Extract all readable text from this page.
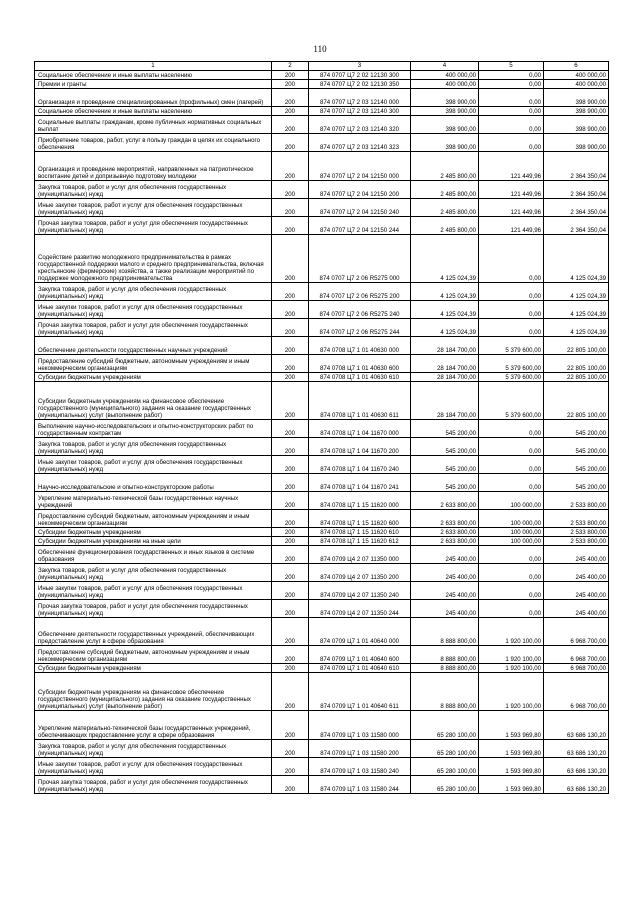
110
1	2	3	4	5	6
Социальное обеспечение и иные выплаты населению	200	874 0707 Ц7 2 02 12130 300	400 000,00	0,00	400 000,00
Премии и гранты	200	874 0707 Ц7 2 02 12130 350	400 000,00	0,00	400 000,00
Организация и проведение специализированных (профильных) смен (лагерей)	200	874 0707 Ц7 2 03 12140 000	398 900,00	0,00	398 900,00
Социальное обеспечение и иные выплаты населению	200	874 0707 Ц7 2 03 12140 300	398 900,00	0,00	398 900,00
Социальные выплаты гражданам, кроме публичных нормативных социальных выплат	200	874 0707 Ц7 2 03 12140 320	398 900,00	0,00	398 900,00
Приобретение товаров, работ, услуг в пользу граждан в целях их социального обеспечения	200	874 0707 Ц7 2 03 12140 323	398 900,00	0,00	398 900,00
Организация и проведение мероприятий, направленных на патриотическое воспитание детей и допризывную подготовку молодежи	200	874 0707 Ц7 2 04 12150 000	2 485 800,00	121 449,96	2 364 350,04
Закупка товаров, работ и услуг для обеспечения государственных (муниципальных) нужд	200	874 0707 Ц7 2 04 12150 200	2 485 800,00	121 449,96	2 364 350,04
Иные закупки товаров, работ и услуг для обеспечения государственных (муниципальных) нужд	200	874 0707 Ц7 2 04 12150 240	2 485 800,00	121 449,96	2 364 350,04
Прочая закупка товаров, работ и услуг для обеспечения государственных (муниципальных) нужд	200	874 0707 Ц7 2 04 12150 244	2 485 800,00	121 449,96	2 364 350,04
Содействие развитию молодежного предпринимательства в рамках государственной поддержки малого и среднего предпринимательства, включая крестьянские (фермерские) хозяйства, а также реализации мероприятий по поддержке молодежного предпринимательства	200	874 0707 Ц7 2 06 R5275 000	4 125 024,39	0,00	4 125 024,39
Закупка товаров, работ и услуг для обеспечения государственных (муниципальных) нужд	200	874 0707 Ц7 2 06 R5275 200	4 125 024,39	0,00	4 125 024,39
Иные закупки товаров, работ и услуг для обеспечения государственных (муниципальных) нужд	200	874 0707 Ц7 2 06 R5275 240	4 125 024,39	0,00	4 125 024,39
Прочая закупка товаров, работ и услуг для обеспечения государственных (муниципальных) нужд	200	874 0707 Ц7 2 06 R5275 244	4 125 024,39	0,00	4 125 024,39
Обеспечение деятельности государственных научных учреждений	200	874 0708 Ц7 1 01 40630 000	28 184 700,00	5 379 600,00	22 805 100,00
Предоставление субсидий бюджетным, автономным учреждениям и иным некоммерческим организациям	200	874 0708 Ц7 1 01 40630 600	28 184 700,00	5 379 600,00	22 805 100,00
Субсидии бюджетным учреждениям	200	874 0708 Ц7 1 01 40630 610	28 184 700,00	5 379 600,00	22 805 100,00
Субсидии бюджетным учреждениям на финансовое обеспечение государственного (муниципального) задания на оказание государственных (муниципальных) услуг (выполнение работ)	200	874 0708 Ц7 1 01 40630 611	28 184 700,00	5 379 600,00	22 805 100,00
Выполнение научно-исследовательских и опытно-конструкторских работ по государственным контрактам	200	874 0708 Ц7 1 04 11670 000	545 200,00	0,00	545 200,00
Закупка товаров, работ и услуг для обеспечения государственных (муниципальных) нужд	200	874 0708 Ц7 1 04 11670 200	545 200,00	0,00	545 200,00
Иные закупки товаров, работ и услуг для обеспечения государственных (муниципальных) нужд	200	874 0708 Ц7 1 04 11670 240	545 200,00	0,00	545 200,00
Научно-исследовательские и опытно-конструкторские работы	200	874 0708 Ц7 1 04 11670 241	545 200,00	0,00	545 200,00
Укрепление материально-технической базы государственных научных учреждений	200	874 0708 Ц7 1 15 11620 000	2 633 800,00	100 000,00	2 533 800,00
Предоставление субсидий бюджетным, автономным учреждениям и иным некоммерческим организациям	200	874 0708 Ц7 1 15 11620 600	2 633 800,00	100 000,00	2 533 800,00
Субсидии бюджетным учреждениям	200	874 0708 Ц7 1 15 11620 610	2 633 800,00	100 000,00	2 533 800,00
Субсидии бюджетным учреждениям на иные цели	200	874 0708 Ц7 1 15 11620 612	2 633 800,00	100 000,00	2 533 800,00
Обеспечение функционирования государственных и иных языков в системе образования	200	874 0709 Ц4 2 07 11350 000	245 400,00	0,00	245 400,00
Закупка товаров, работ и услуг для обеспечения государственных (муниципальных) нужд	200	874 0709 Ц4 2 07 11350 200	245 400,00	0,00	245 400,00
Иные закупки товаров, работ и услуг для обеспечения государственных (муниципальных) нужд	200	874 0709 Ц4 2 07 11350 240	245 400,00	0,00	245 400,00
Прочая закупка товаров, работ и услуг для обеспечения государственных (муниципальных) нужд	200	874 0709 Ц4 2 07 11350 244	245 400,00	0,00	245 400,00
Обеспечение деятельности государственных учреждений, обеспечивающих предоставление услуг в сфере образования	200	874 0709 Ц7 1 01 40640 000	8 888 800,00	1 920 100,00	6 968 700,00
Предоставление субсидий бюджетным, автономным учреждениям и иным некоммерческим организациям	200	874 0709 Ц7 1 01 40640 600	8 888 800,00	1 920 100,00	6 968 700,00
Субсидии бюджетным учреждениям	200	874 0709 Ц7 1 01 40640 610	8 888 800,00	1 920 100,00	6 968 700,00
Субсидии бюджетным учреждениям на финансовое обеспечение государственного (муниципального) задания на оказание государственных (муниципальных) услуг (выполнение работ)	200	874 0709 Ц7 1 01 40640 611	8 888 800,00	1 920 100,00	6 968 700,00
Укрепление материально-технической базы государственных учреждений, обеспечивающих предоставление услуг в сфере образования	200	874 0709 Ц7 1 03 11580 000	65 280 100,00	1 593 969,80	63 686 130,20
Закупка товаров, работ и услуг для обеспечения государственных (муниципальных) нужд	200	874 0709 Ц7 1 03 11580 200	65 280 100,00	1 593 969,80	63 686 130,20
Иные закупки товаров, работ и услуг для обеспечения государственных (муниципальных) нужд	200	874 0709 Ц7 1 03 11580 240	65 280 100,00	1 593 969,80	63 686 130,20
Прочая закупка товаров, работ и услуг для обеспечения государственных (муниципальных) нужд	200	874 0709 Ц7 1 03 11580 244	65 280 100,00	1 593 969,80	63 686 130,20
